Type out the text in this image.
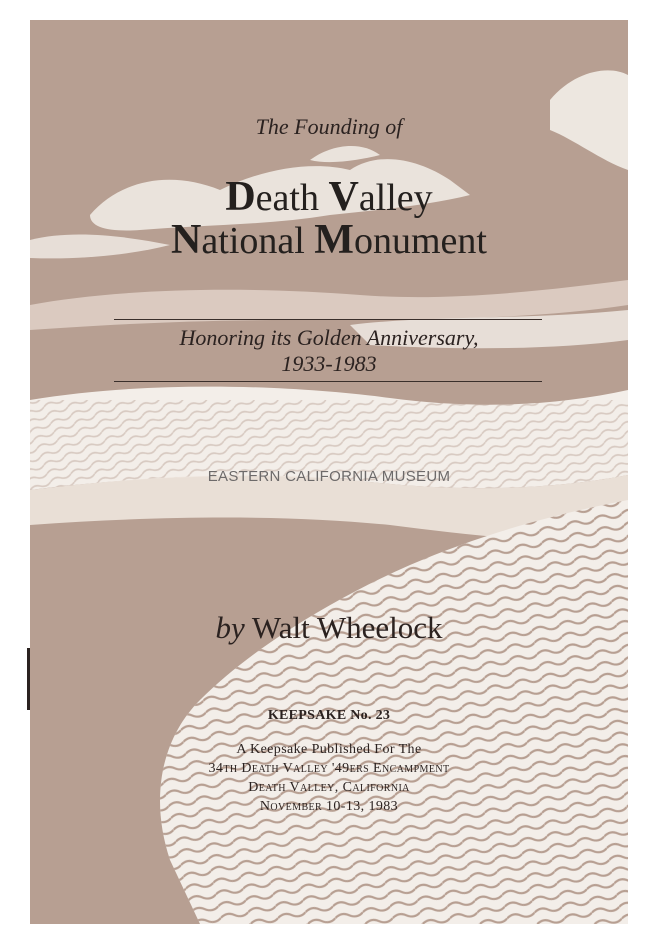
The Founding of
Death Valley
National Monument
Honoring its Golden Anniversary,
1933-1983
EASTERN CALIFORNIA MUSEUM
by Walt Wheelock
KEEPSAKE No. 23
A Keepsake Published For The
34th Death Valley '49ers Encampment
Death Valley, California
November 10-13, 1983
